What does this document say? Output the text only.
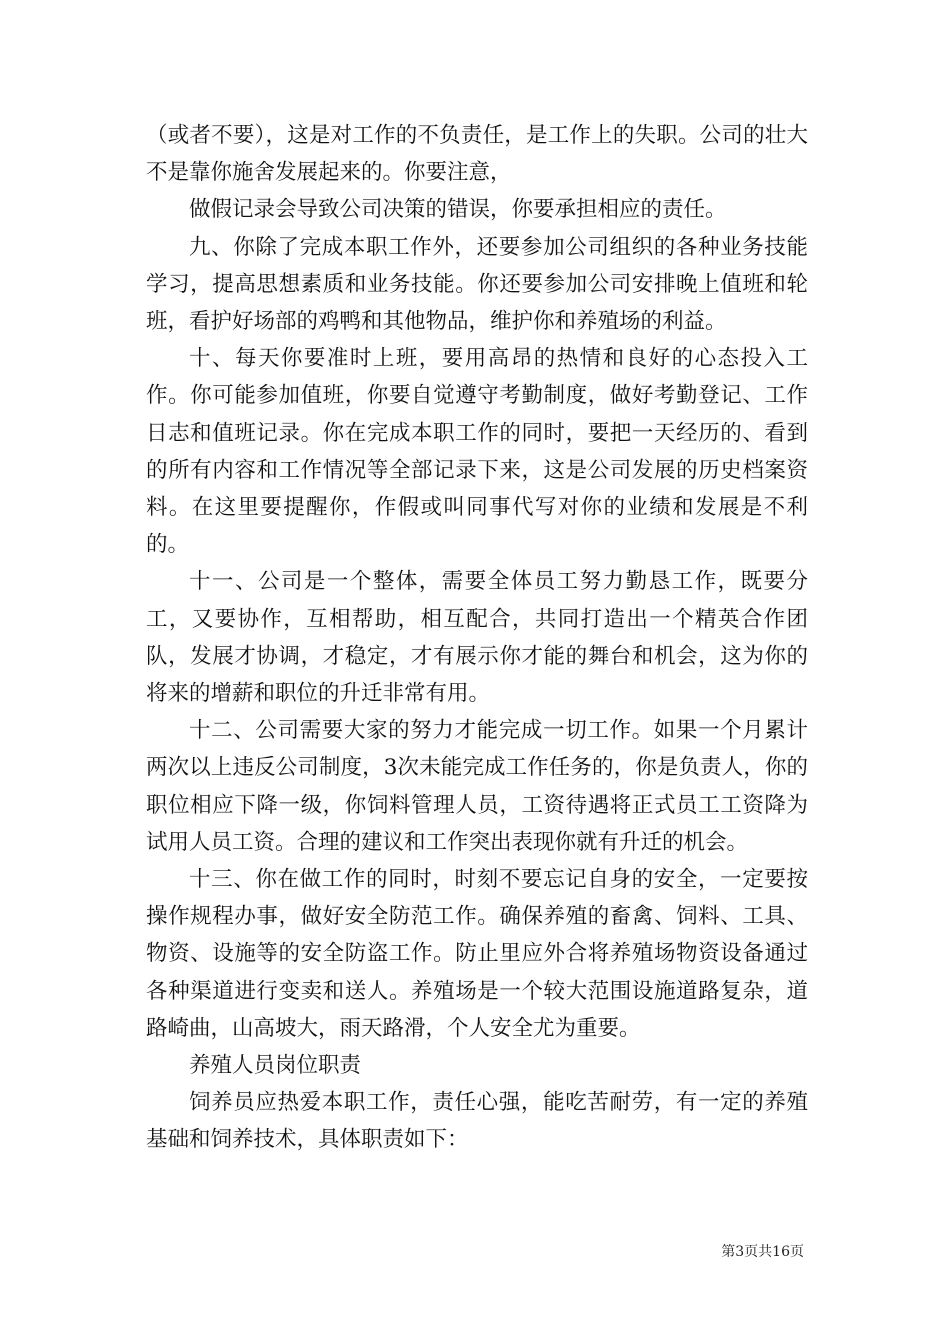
（或者不要），这是对工作的不负责任，是工作上的失职。公司的壮大不是靠你施舍发展起来的。你要注意，

做假记录会导致公司决策的错误，你要承担相应的责任。

九、你除了完成本职工作外，还要参加公司组织的各种业务技能学习，提高思想素质和业务技能。你还要参加公司安排晚上值班和轮班，看护好场部的鸡鸭和其他物品，维护你和养殖场的利益。

十、每天你要准时上班，要用高昂的热情和良好的心态投入工作。你可能参加值班，你要自觉遵守考勤制度，做好考勤登记、工作日志和值班记录。你在完成本职工作的同时，要把一天经历的、看到的所有内容和工作情况等全部记录下来，这是公司发展的历史档案资料。在这里要提醒你，作假或叫同事代写对你的业绩和发展是不利的。

十一、公司是一个整体，需要全体员工努力勤恳工作，既要分工，又要协作，互相帮助，相互配合，共同打造出一个精英合作团队，发展才协调，才稳定，才有展示你才能的舞台和机会，这为你的将来的增薪和职位的升迁非常有用。

十二、公司需要大家的努力才能完成一切工作。如果一个月累计两次以上违反公司制度，3次未能完成工作任务的，你是负责人，你的职位相应下降一级，你饲料管理人员，工资待遇将正式员工工资降为试用人员工资。合理的建议和工作突出表现你就有升迁的机会。

十三、你在做工作的同时，时刻不要忘记自身的安全，一定要按操作规程办事，做好安全防范工作。确保养殖的畜禽、饲料、工具、物资、设施等的安全防盗工作。防止里应外合将养殖场物资设备通过各种渠道进行变卖和送人。养殖场是一个较大范围设施道路复杂，道路崎曲，山高坡大，雨天路滑，个人安全尤为重要。

养殖人员岗位职责

饲养员应热爱本职工作，责任心强，能吃苦耐劳，有一定的养殖基础和饲养技术，具体职责如下：

第3页共16页
